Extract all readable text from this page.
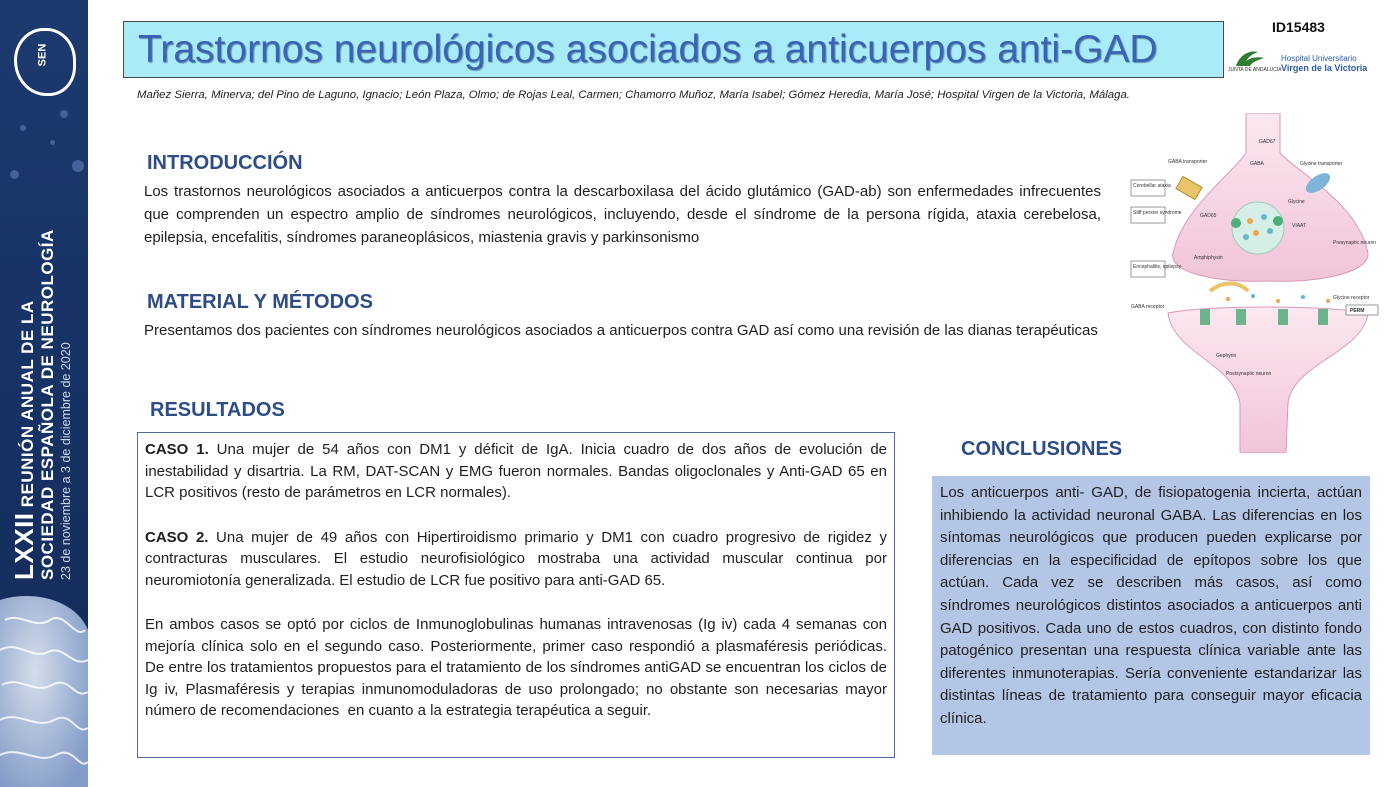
SEN
LXXII REUNIÓN ANUAL DE LA SOCIEDAD ESPAÑOLA DE NEUROLOGÍA 23 de noviembre a 3 de diciembre de 2020
Trastornos neurológicos asociados a anticuerpos anti-GAD
ID15483
JUNTA DE ANDALUCIA
Hospital Universitario
Virgen de la Victoria
Mañez Sierra, Minerva; del Pino de Laguno, Ignacio; León Plaza, Olmo; de Rojas Leal, Carmen; Chamorro Muñoz, María Isabel; Gómez Heredia, María José; Hospital Virgen de la Victoria, Málaga.
INTRODUCCIÓN

Los trastornos neurológicos asociados a anticuerpos contra la descarboxilasa del ácido glutámico (GAD-ab) son enfermedades infrecuentes que comprenden un espectro amplio de síndromes neurológicos, incluyendo, desde el síndrome de la persona rígida, ataxia cerebelosa, epilepsia, encefalitis, síndromes paraneoplásicos, miastenia gravis y parkinsonismo

MATERIAL Y MÉTODOS

Presentamos dos pacientes con síndromes neurológicos asociados a anticuerpos contra GAD así como una revisión de las dianas terapéuticas

RESULTADOS

CASO 1. Una mujer de 54 años con DM1 y déficit de IgA. Inicia cuadro de dos años de evolución de inestabilidad y disartria. La RM, DAT-SCAN y EMG fueron normales. Bandas oligoclonales y Anti-GAD 65 en LCR positivos (resto de parámetros en LCR normales).

CASO 2. Una mujer de 49 años con Hipertiroidismo primario y DM1 con cuadro progresivo de rigidez y contracturas musculares. El estudio neurofisiológico mostraba una actividad muscular continua por neuromiotonía generalizada. El estudio de LCR fue positivo para anti-GAD 65.

En ambos casos se optó por ciclos de Inmunoglobulinas humanas intravenosas (Ig iv) cada 4 semanas con mejoría clínica solo en el segundo caso. Posteriormente, primer caso respondió a plasmaféresis periódicas.    De entre los tratamientos propuestos para el tratamiento de los síndromes antiGAD se encuentran los ciclos de Ig iv, Plasmaféresis y terapias inmunomoduladoras de uso prolongado; no obstante son necesarias mayor número de recomendaciones  en cuanto a la estrategia terapéutica a seguir.

CONCLUSIONES

Los anticuerpos anti- GAD, de fisiopatogenia incierta, actúan inhibiendo la actividad neuronal GABA. Las diferencias en los síntomas neurológicos que producen pueden explicarse por diferencias en la especificidad de epítopos sobre los que actúan. Cada vez se describen más casos, así como síndromes neurológicos distintos asociados a anticuerpos anti GAD positivos. Cada uno de estos cuadros, con distinto fondo patogénico presentan una respuesta clínica variable ante las diferentes inmunoterapias. Sería conveniente estandarizar las distintas líneas de tratamiento para conseguir mayor eficacia clínica.

GAD67
GABA transporter	GABA	Glycine transporter
Cerebellar ataxia
Glycine
Stiff person syndrome	GAD65
VIAAT
Presynaptic neuron
Amphiphysin
Encephalitis, epilepsy
GABA receptor
Glycine receptor
PERM
Gephyrin
Postsynaptic neuron
